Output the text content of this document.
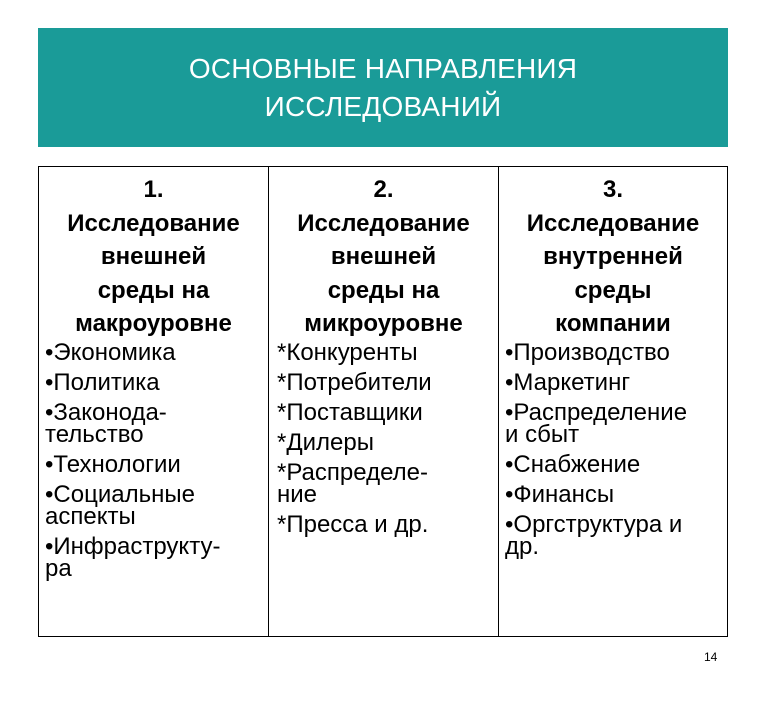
ОСНОВНЫЕ НАПРАВЛЕНИЯ
ИССЛЕДОВАНИЙ
1.
Исследование
внешней
среды на
макроуровне
•Экономика
•Политика
•Законода-
тельство
•Технологии
•Социальные
аспекты
•Инфраструкту-
ра
2.
Исследование
внешней
среды на
микроуровне
*Конкуренты
*Потребители
*Поставщики
*Дилеры
*Распределе-
ние
*Пресса и др.
3.
Исследование
внутренней
среды
компании
•Производство
•Маркетинг
•Распределение
и сбыт
•Снабжение
•Финансы
•Оргструктура и
др.
14
